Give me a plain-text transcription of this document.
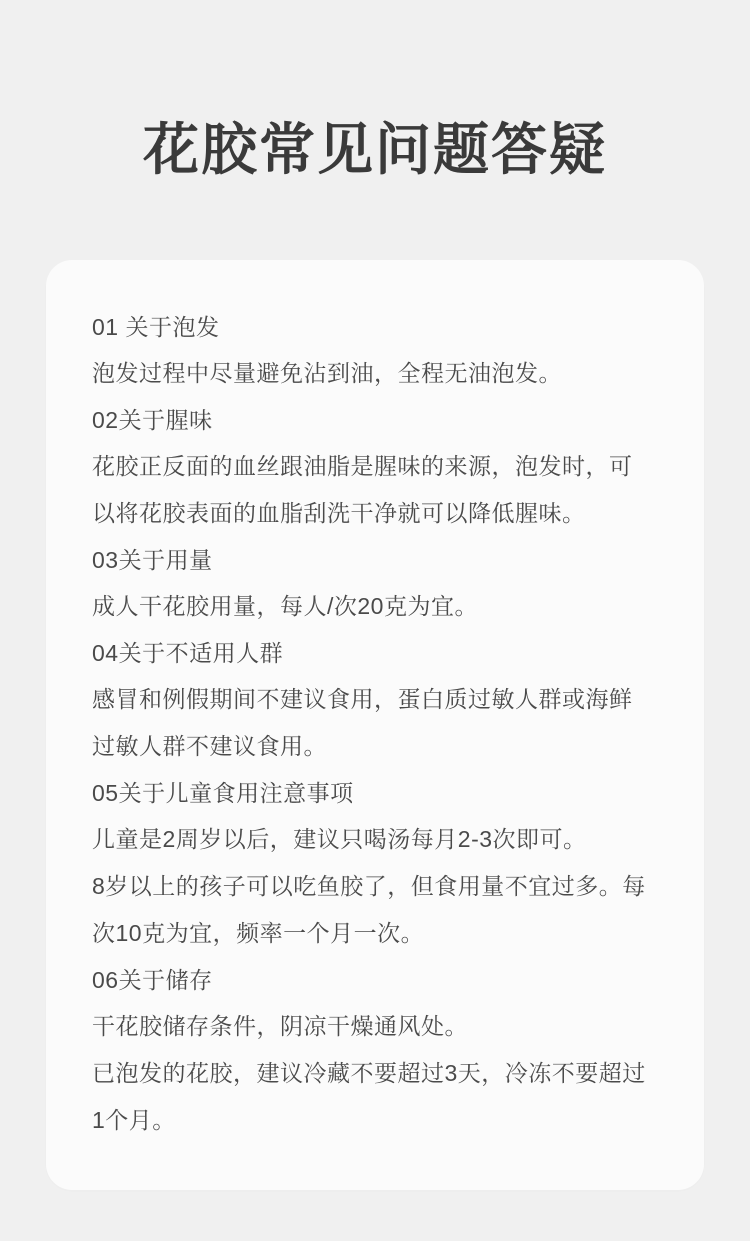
花胶常见问题答疑
01 关于泡发
泡发过程中尽量避免沾到油，全程无油泡发。
02关于腥味
花胶正反面的血丝跟油脂是腥味的来源，泡发时，可以将花胶表面的血脂刮洗干净就可以降低腥味。
03关于用量
成人干花胶用量，每人/次20克为宜。
04关于不适用人群
感冒和例假期间不建议食用，蛋白质过敏人群或海鲜过敏人群不建议食用。
05关于儿童食用注意事项
儿童是2周岁以后，建议只喝汤每月2-3次即可。
8岁以上的孩子可以吃鱼胶了，但食用量不宜过多。每次10克为宜，频率一个月一次。
06关于储存
干花胶储存条件，阴凉干燥通风处。
已泡发的花胶，建议冷藏不要超过3天，冷冻不要超过1个月。
